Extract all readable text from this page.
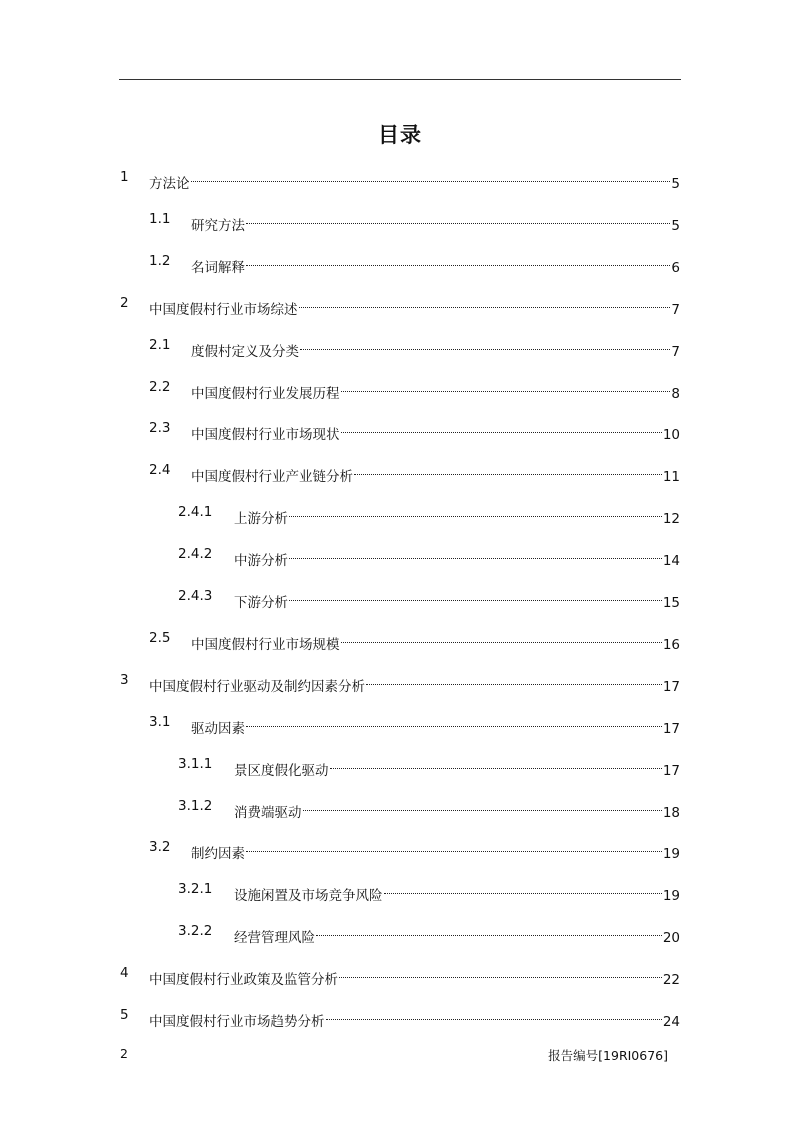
目录
1 方法论	5
1.1 研究方法	5
1.2 名词解释	6
2 中国度假村行业市场综述	7
2.1 度假村定义及分类	7
2.2 中国度假村行业发展历程	8
2.3 中国度假村行业市场现状	10
2.4 中国度假村行业产业链分析	11
2.4.1 上游分析	12
2.4.2 中游分析	14
2.4.3 下游分析	15
2.5 中国度假村行业市场规模	16
3 中国度假村行业驱动及制约因素分析	17
3.1 驱动因素	17
3.1.1 景区度假化驱动	17
3.1.2 消费端驱动	18
3.2 制约因素	19
3.2.1 设施闲置及市场竞争风险	19
3.2.2 经营管理风险	20
4 中国度假村行业政策及监管分析	22
5 中国度假村行业市场趋势分析	24
2	报告编号[19RI0676]
